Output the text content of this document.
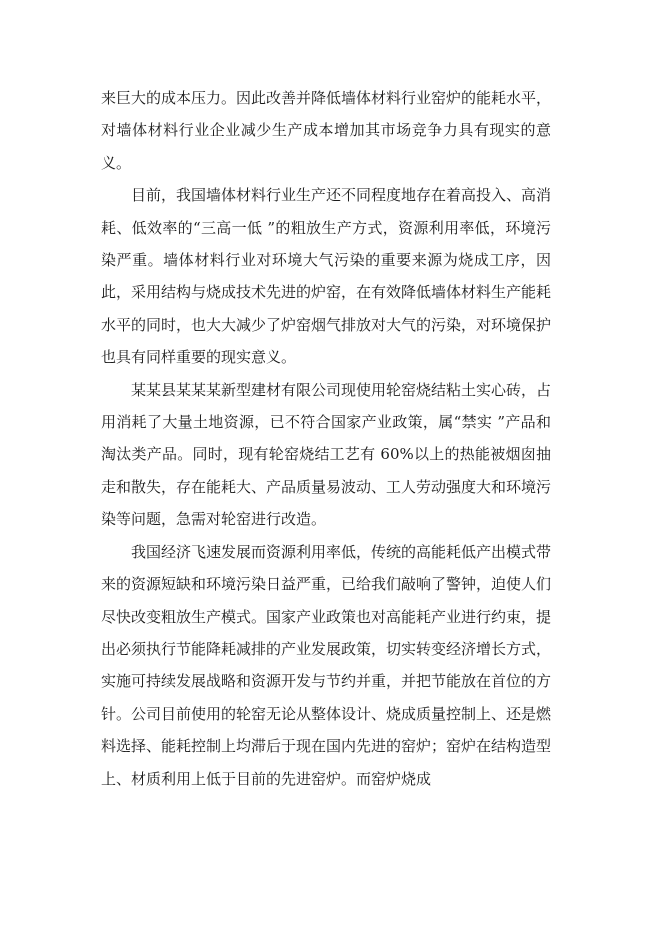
来巨大的成本压力。因此改善并降低墙体材料行业窑炉的能耗水平，对墙体材料行业企业减少生产成本增加其市场竞争力具有现实的意义。

目前，我国墙体材料行业生产还不同程度地存在着高投入、高消耗、低效率的“三高一低 ”的粗放生产方式，资源利用率低，环境污染严重。墙体材料行业对环境大气污染的重要来源为烧成工序，因此，采用结构与烧成技术先进的炉窑，在有效降低墙体材料生产能耗水平的同时，也大大减少了炉窑烟气排放对大气的污染，对环境保护也具有同样重要的现实意义。

某某县某某某新型建材有限公司现使用轮窑烧结粘土实心砖，占用消耗了大量土地资源，已不符合国家产业政策，属“禁实 ”产品和淘汰类产品。同时，现有轮窑烧结工艺有 60%以上的热能被烟囱抽走和散失，存在能耗大、产品质量易波动、工人劳动强度大和环境污染等问题，急需对轮窑进行改造。

我国经济飞速发展而资源利用率低，传统的高能耗低产出模式带来的资源短缺和环境污染日益严重，已给我们敲响了警钟，迫使人们尽快改变粗放生产模式。国家产业政策也对高能耗产业进行约束，提出必须执行节能降耗减排的产业发展政策，切实转变经济增长方式，实施可持续发展战略和资源开发与节约并重，并把节能放在首位的方针。公司目前使用的轮窑无论从整体设计、烧成质量控制上、还是燃料选择、能耗控制上均滞后于现在国内先进的窑炉；窑炉在结构造型上、材质利用上低于目前的先进窑炉。而窑炉烧成
